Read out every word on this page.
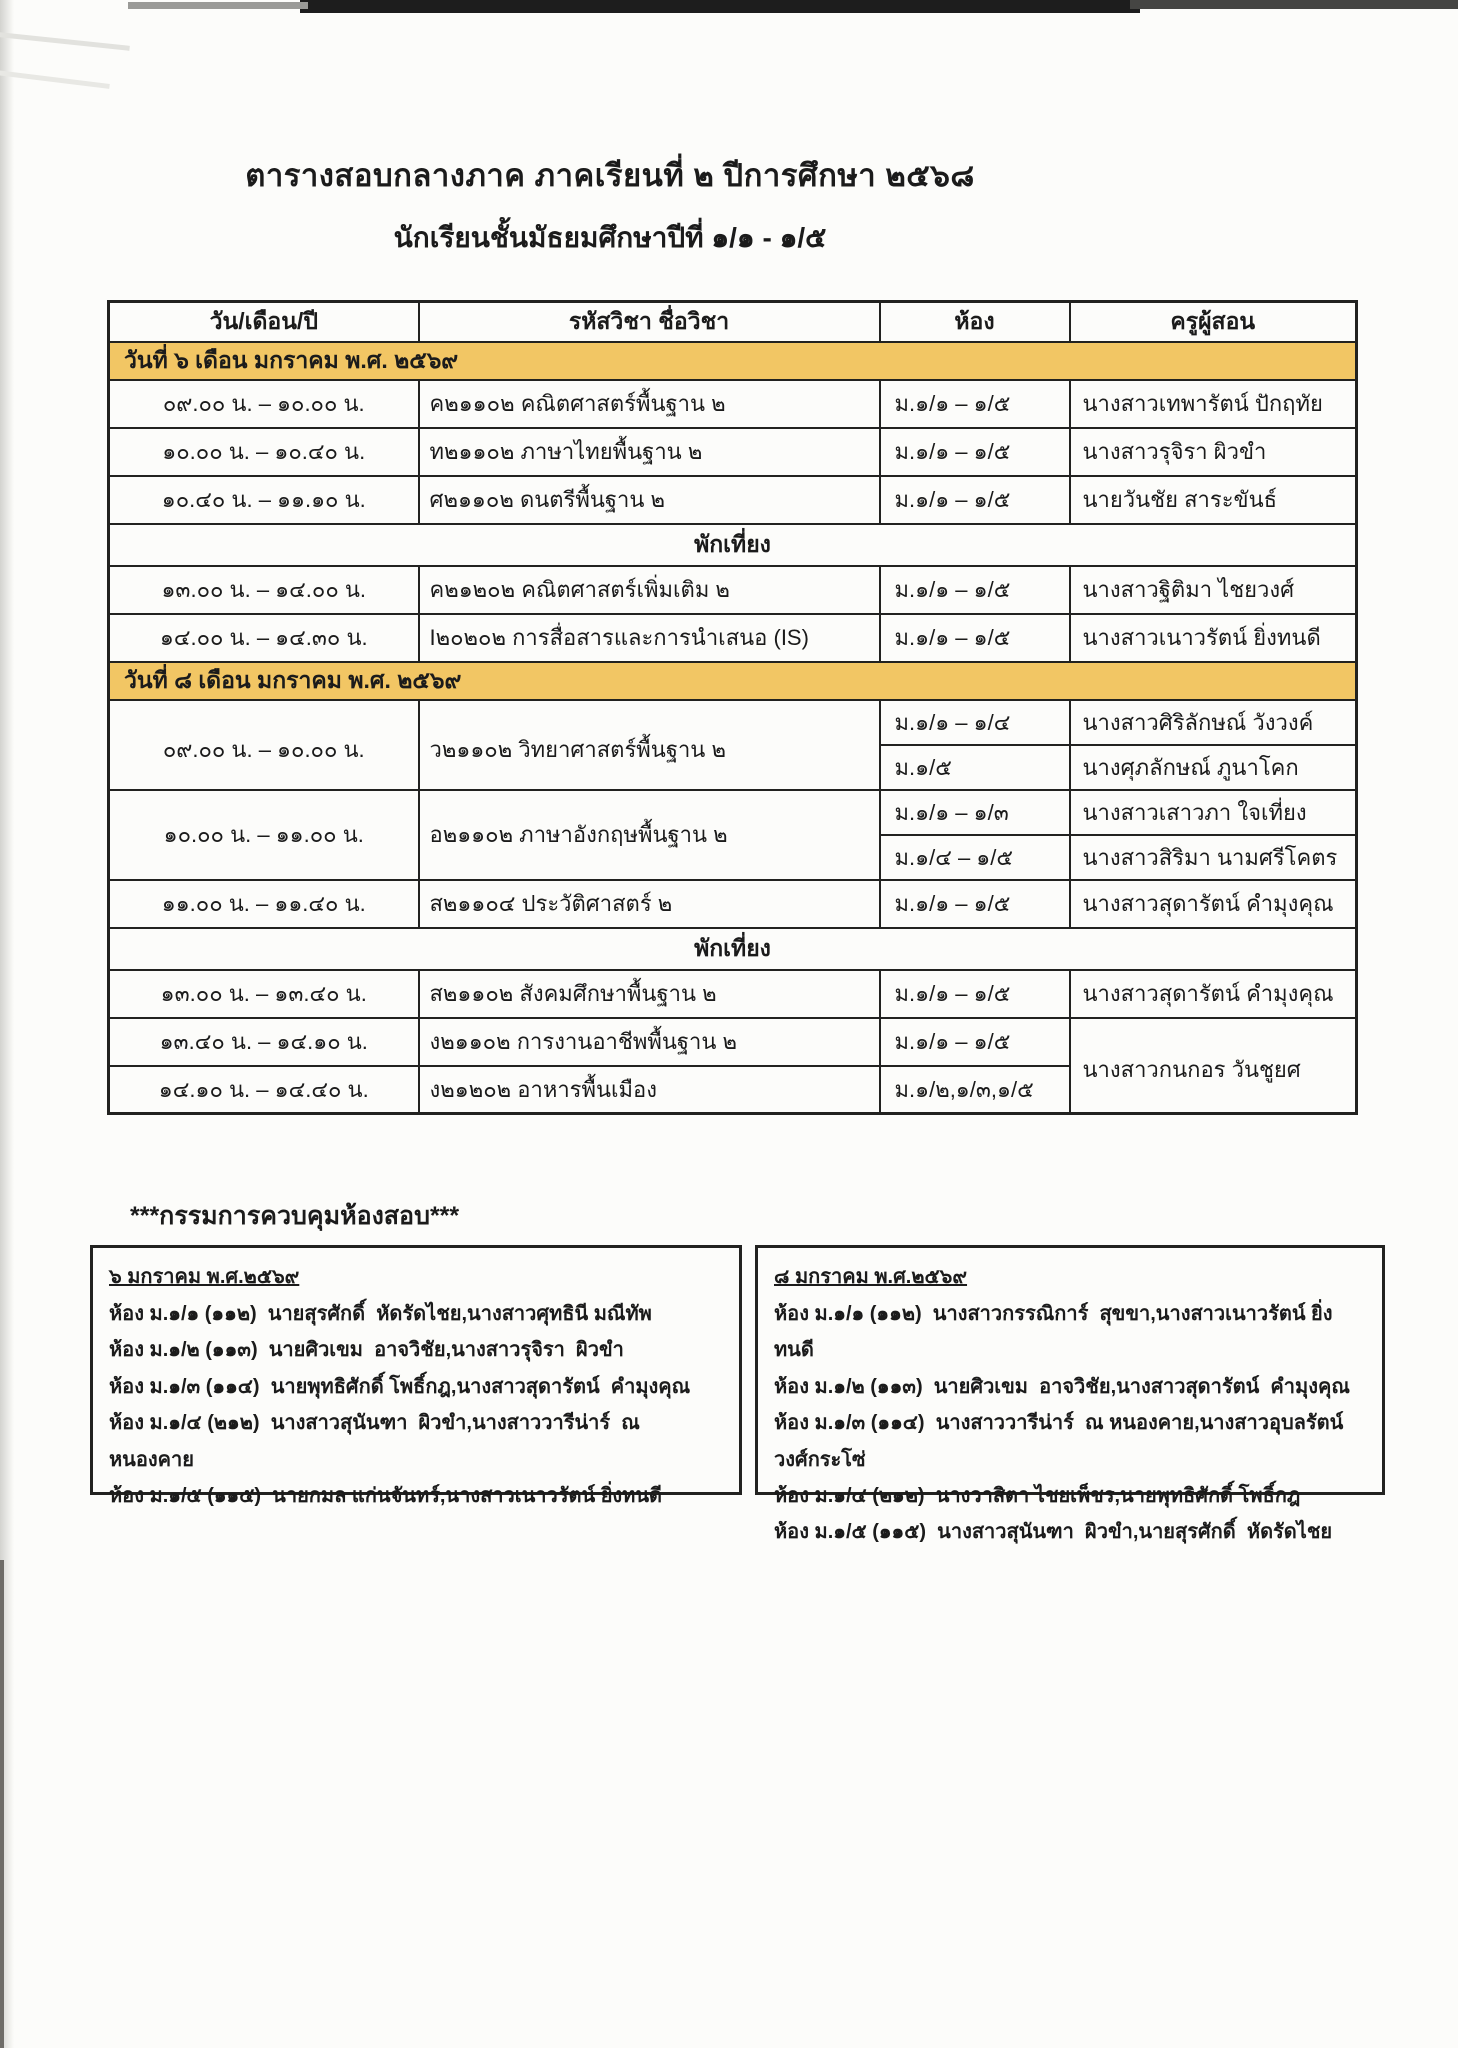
ตารางสอบกลางภาค ภาคเรียนที่ ๒ ปีการศึกษา ๒๕๖๘
นักเรียนชั้นมัธยมศึกษาปีที่ ๑/๑ - ๑/๕
วัน/เดือน/ปี	รหัสวิชา ชื่อวิชา	ห้อง	ครูผู้สอน
วันที่ ๖ เดือน มกราคม พ.ศ. ๒๕๖๙			
๐๙.๐๐ น. – ๑๐.๐๐ น.	ค๒๑๑๐๒ คณิตศาสตร์พื้นฐาน ๒	ม.๑/๑ – ๑/๕	นางสาวเทพารัตน์ ปักฤทัย
๑๐.๐๐ น. – ๑๐.๔๐ น.	ท๒๑๑๐๒ ภาษาไทยพื้นฐาน ๒	ม.๑/๑ – ๑/๕	นางสาวรุจิรา ผิวขำ
๑๐.๔๐ น. – ๑๑.๑๐ น.	ศ๒๑๑๐๒ ดนตรีพื้นฐาน ๒	ม.๑/๑ – ๑/๕	นายวันชัย สาระขันธ์
พักเที่ยง			
๑๓.๐๐ น. – ๑๔.๐๐ น.	ค๒๑๒๐๒ คณิตศาสตร์เพิ่มเติม ๒	ม.๑/๑ – ๑/๕	นางสาวฐิติมา ไชยวงศ์
๑๔.๐๐ น. – ๑๔.๓๐ น.	I๒๐๒๐๒ การสื่อสารและการนำเสนอ (IS)	ม.๑/๑ – ๑/๕	นางสาวเนาวรัตน์ ยิ่งทนดี
วันที่ ๘ เดือน มกราคม พ.ศ. ๒๕๖๙			
๐๙.๐๐ น. – ๑๐.๐๐ น.	ว๒๑๑๐๒ วิทยาศาสตร์พื้นฐาน ๒	ม.๑/๑ – ๑/๔	นางสาวศิริลักษณ์ วังวงค์
		ม.๑/๕	นางศุภลักษณ์ ภูนาโคก
๑๐.๐๐ น. – ๑๑.๐๐ น.	อ๒๑๑๐๒ ภาษาอังกฤษพื้นฐาน ๒	ม.๑/๑ – ๑/๓	นางสาวเสาวภา ใจเที่ยง
		ม.๑/๔ – ๑/๕	นางสาวสิริมา นามศรีโคตร
๑๑.๐๐ น. – ๑๑.๔๐ น.	ส๒๑๑๐๔ ประวัติศาสตร์ ๒	ม.๑/๑ – ๑/๕	นางสาวสุดารัตน์ คำมุงคุณ
พักเที่ยง			
๑๓.๐๐ น. – ๑๓.๔๐ น.	ส๒๑๑๐๒ สังคมศึกษาพื้นฐาน ๒	ม.๑/๑ – ๑/๕	นางสาวสุดารัตน์ คำมุงคุณ
๑๓.๔๐ น. – ๑๔.๑๐ น.	ง๒๑๑๐๒ การงานอาชีพพื้นฐาน ๒	ม.๑/๑ – ๑/๕	นางสาวกนกอร วันชูยศ
๑๔.๑๐ น. – ๑๔.๔๐ น.	ง๒๑๒๐๒ อาหารพื้นเมือง	ม.๑/๒,๑/๓,๑/๕	
***กรรมการควบคุมห้องสอบ***
๖ มกราคม พ.ศ.๒๕๖๙
ห้อง ม.๑/๑ (๑๑๒)  นายสุรศักดิ์  หัดรัดไชย,นางสาวศุทธินี มณีทัพ
ห้อง ม.๑/๒ (๑๑๓)  นายศิวเขม  อาจวิชัย,นางสาวรุจิรา  ผิวขำ
ห้อง ม.๑/๓ (๑๑๔)  นายพุทธิศักดิ์ โพธิ์กฎ,นางสาวสุดารัตน์  คำมุงคุณ
ห้อง ม.๑/๔ (๒๑๒)  นางสาวสุนันฑา  ผิวขำ,นางสาววารีน่าร์  ณ หนองคาย
ห้อง ม.๑/๕ (๑๑๕)  นายกมล แก่นจันทร์,นางสาวเนาวรัตน์ ยิ่งทนดี
๘ มกราคม พ.ศ.๒๕๖๙
ห้อง ม.๑/๑ (๑๑๒)  นางสาวกรรณิการ์  สุขขา,นางสาวเนาวรัตน์ ยิ่งทนดี
ห้อง ม.๑/๒ (๑๑๓)  นายศิวเขม  อาจวิชัย,นางสาวสุดารัตน์  คำมุงคุณ
ห้อง ม.๑/๓ (๑๑๔)  นางสาววารีน่าร์  ณ หนองคาย,นางสาวอุบลรัตน์ วงศ์กระโซ่
ห้อง ม.๑/๔ (๒๑๒)  นางวาสิตา ไชยเพ็ชร,นายพุทธิศักดิ์ โพธิ์กฎ
ห้อง ม.๑/๕ (๑๑๕)  นางสาวสุนันฑา  ผิวขำ,นายสุรศักดิ์  หัดรัดไชย
